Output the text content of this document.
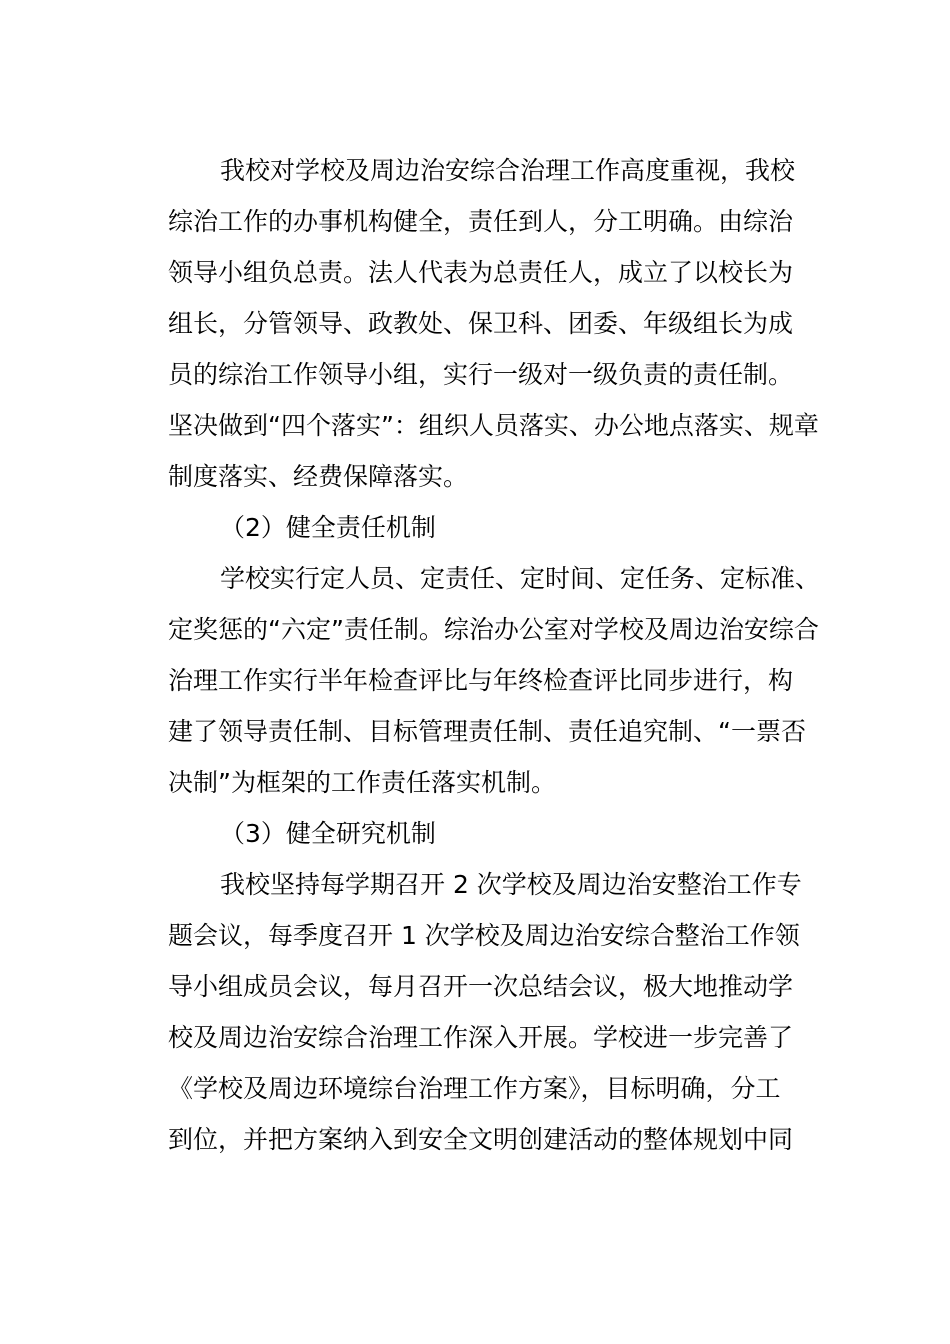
我校对学校及周边治安综合治理工作高度重视，我校
综治工作的办事机构健全，责任到人，分工明确。由综治
领导小组负总责。法人代表为总责任人，成立了以校长为
组长，分管领导、政教处、保卫科、团委、年级组长为成
员的综治工作领导小组，实行一级对一级负责的责任制。
坚决做到“四个落实”：组织人员落实、办公地点落实、规章
制度落实、经费保障落实。

（2）健全责任机制

学校实行定人员、定责任、定时间、定任务、定标准、
定奖惩的“六定”责任制。综治办公室对学校及周边治安综合
治理工作实行半年检查评比与年终检查评比同步进行，构
建了领导责任制、目标管理责任制、责任追究制、“一票否
决制”为框架的工作责任落实机制。

（3）健全研究机制

我校坚持每学期召开 2 次学校及周边治安整治工作专
题会议，每季度召开 1 次学校及周边治安综合整治工作领
导小组成员会议，每月召开一次总结会议，极大地推动学
校及周边治安综合治理工作深入开展。学校进一步完善了
《学校及周边环境综台治理工作方案》，目标明确，分工
到位，并把方案纳入到安全文明创建活动的整体规划中同
